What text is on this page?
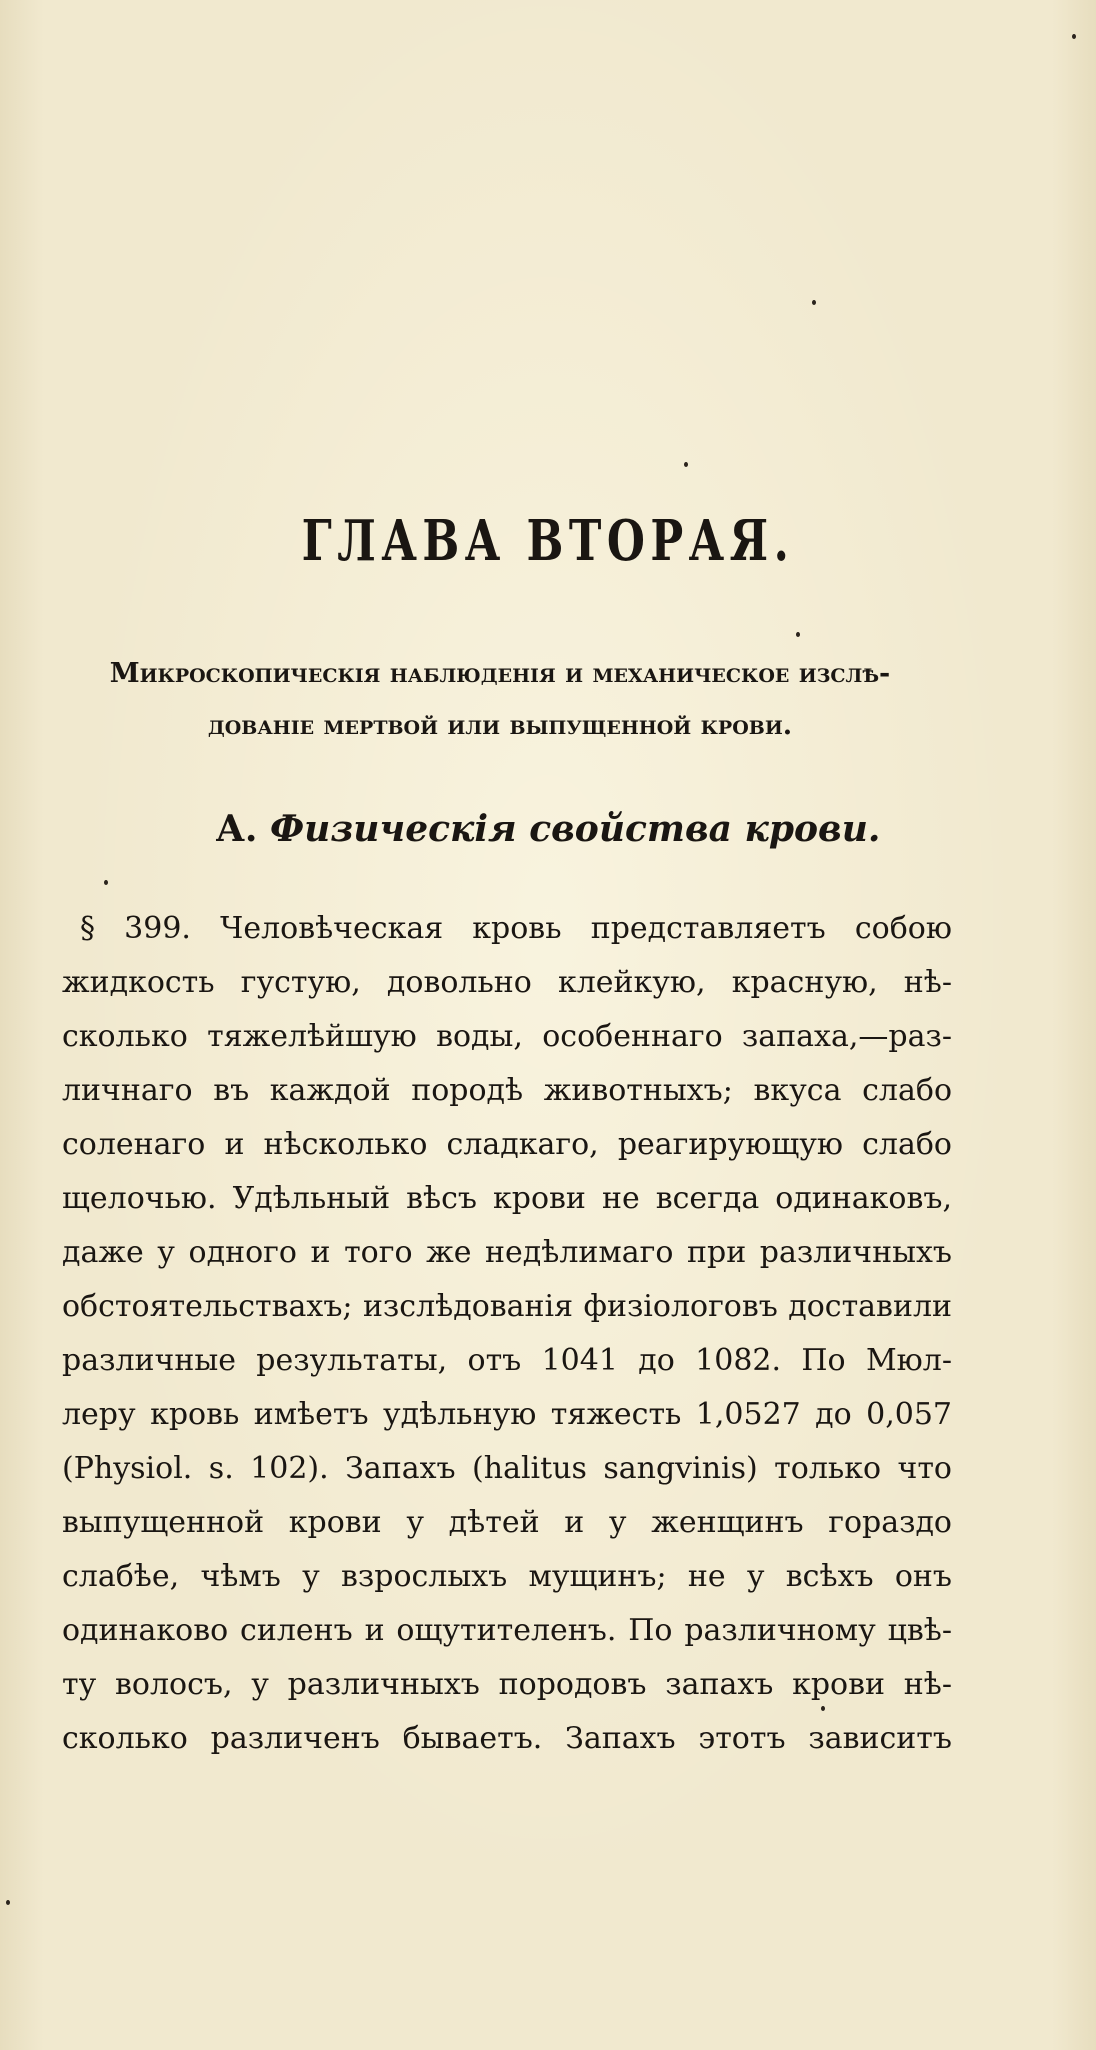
ГЛАВА ВТОРАЯ.

Микроскопическія наблюденія и механическое изслѣ-
дованіе мертвой или выпущенной крови.

А. Физическія свойства крови.

§ 399. Человѣческая кровь представляетъ собою
жидкость густую, довольно клейкую, красную, нѣ-
сколько тяжелѣйшую воды, особеннаго запаха,—раз-
личнаго въ каждой породѣ животныхъ; вкуса слабо
соленаго и нѣсколько сладкаго, реагирующую слабо
щелочью. Удѣльный вѣсъ крови не всегда одинаковъ,
даже у одного и того же недѣлимаго при различныхъ
обстоятельствахъ; изслѣдованія физіологовъ доставили
различные результаты, отъ 1041 до 1082. По Мюл-
леру кровь имѣетъ удѣльную тяжесть 1,0527 до 0,057
(Physiol. s. 102). Запахъ (halitus sangvinis) только что
выпущенной крови у дѣтей и у женщинъ гораздо
слабѣе, чѣмъ у взрослыхъ мущинъ; не у всѣхъ онъ
одинаково силенъ и ощутителенъ. По различному цвѣ-
ту волосъ, у различныхъ породовъ запахъ крови нѣ-
сколько различенъ бываетъ. Запахъ этотъ зависитъ
